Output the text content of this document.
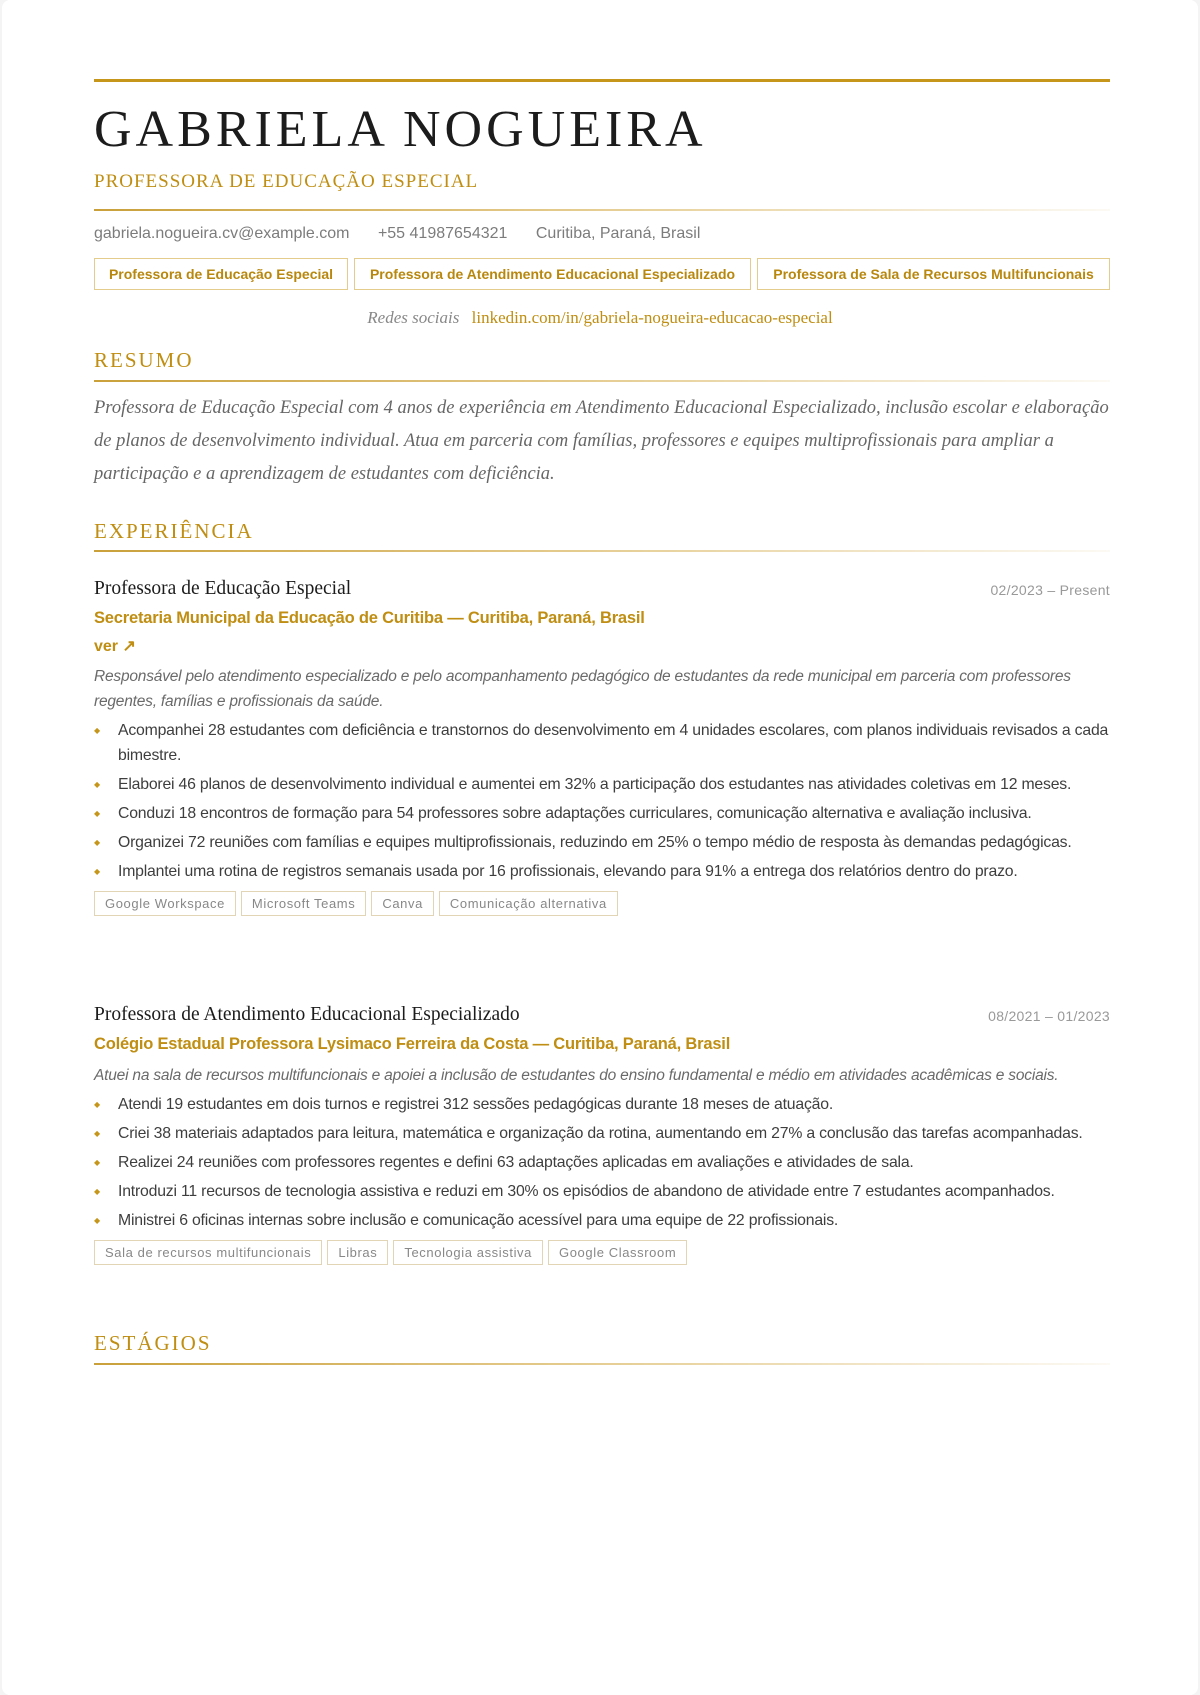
GABRIELA NOGUEIRA
PROFESSORA DE EDUCAÇÃO ESPECIAL
gabriela.nogueira.cv@example.com +55 41987654321 Curitiba, Paraná, Brasil
Professora de Educação Especial	Professora de Atendimento Educacional Especializado	Professora de Sala de Recursos Multifuncionais
Redes sociais linkedin.com/in/gabriela-nogueira-educacao-especial
RESUMO

Professora de Educação Especial com 4 anos de experiência em Atendimento Educacional Especializado, inclusão escolar e elaboração de planos de desenvolvimento individual. Atua em parceria com famílias, professores e equipes multiprofissionais para ampliar a participação e a aprendizagem de estudantes com deficiência.

EXPERIÊNCIA
Professora de Educação Especial	02/2023 – Present
Secretaria Municipal da Educação de Curitiba — Curitiba, Paraná, Brasil
ver ↗

Responsável pelo atendimento especializado e pelo acompanhamento pedagógico de estudantes da rede municipal em parceria com professores regentes, famílias e profissionais da saúde.

◆ Acompanhei 28 estudantes com deficiência e transtornos do desenvolvimento em 4 unidades escolares, com planos individuais revisados a cada bimestre.
◆ Elaborei 46 planos de desenvolvimento individual e aumentei em 32% a participação dos estudantes nas atividades coletivas em 12 meses.
◆ Conduzi 18 encontros de formação para 54 professores sobre adaptações curriculares, comunicação alternativa e avaliação inclusiva.
◆ Organizei 72 reuniões com famílias e equipes multiprofissionais, reduzindo em 25% o tempo médio de resposta às demandas pedagógicas.
◆ Implantei uma rotina de registros semanais usada por 16 profissionais, elevando para 91% a entrega dos relatórios dentro do prazo.
Google Workspace	Microsoft Teams	Canva	Comunicação alternativa
Professora de Atendimento Educacional Especializado	08/2021 – 01/2023
Colégio Estadual Professora Lysimaco Ferreira da Costa — Curitiba, Paraná, Brasil

Atuei na sala de recursos multifuncionais e apoiei a inclusão de estudantes do ensino fundamental e médio em atividades acadêmicas e sociais.

◆ Atendi 19 estudantes em dois turnos e registrei 312 sessões pedagógicas durante 18 meses de atuação.
◆ Criei 38 materiais adaptados para leitura, matemática e organização da rotina, aumentando em 27% a conclusão das tarefas acompanhadas.
◆ Realizei 24 reuniões com professores regentes e defini 63 adaptações aplicadas em avaliações e atividades de sala.
◆ Introduzi 11 recursos de tecnologia assistiva e reduzi em 30% os episódios de abandono de atividade entre 7 estudantes acompanhados.
◆ Ministrei 6 oficinas internas sobre inclusão e comunicação acessível para uma equipe de 22 profissionais.
Sala de recursos multifuncionais	Libras	Tecnologia assistiva	Google Classroom
ESTÁGIOS
